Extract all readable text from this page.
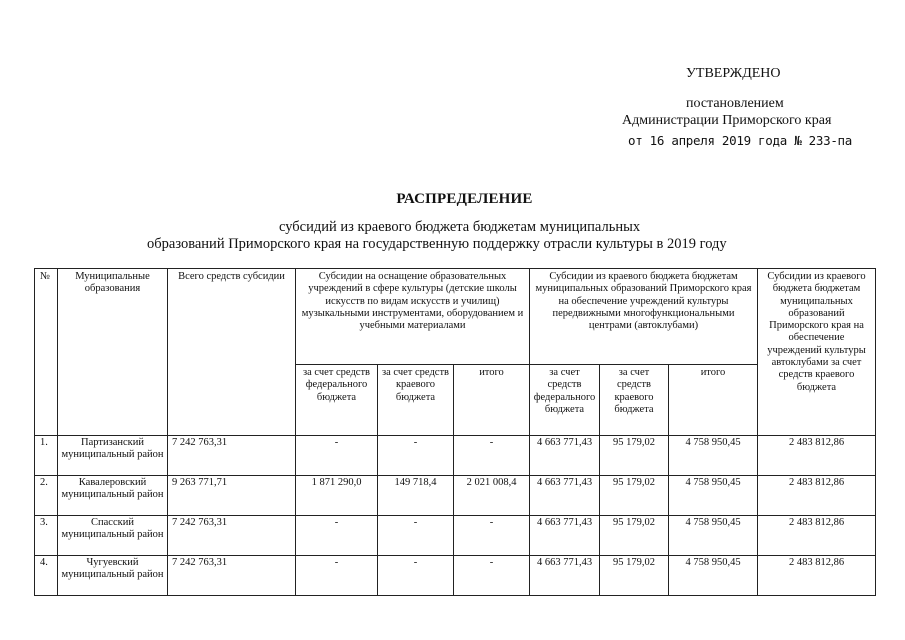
УТВЕРЖДЕНО
постановлением
Администрации Приморского края
от 16 апреля 2019 года № 233-па
РАСПРЕДЕЛЕНИЕ
субсидий из краевого бюджета бюджетам муниципальных
образований Приморского края на государственную поддержку отрасли культуры в 2019 году
№	Муниципальные образования	Всего средств субсидии	Субсидии на оснащение образовательных учреждений в сфере культуры (детские школы искусств по видам искусств и училищ) музыкальными инструментами, оборудованием и учебными материалами			Субсидии из краевого бюджета бюджетам муниципальных образований Приморского края на обеспечение учреждений культуры передвижными многофункциональными центрами (автоклубами)			Субсидии из краевого бюджета бюджетам муниципальных образований Приморского края на обеспечение учреждений культуры автоклубами за счет средств краевого бюджета
			за счет средств федерального бюджета	за счет средств краевого бюджета	итого	за счет средств федерального бюджета	за счет средств краевого бюджета	итого	
1.	Партизанский муниципальный район	7 242 763,31	-	-	-	4 663 771,43	95 179,02	4 758 950,45	2 483 812,86
2.	Кавалеровский муниципальный район	9 263 771,71	1 871 290,0	149 718,4	2 021 008,4	4 663 771,43	95 179,02	4 758 950,45	2 483 812,86
3.	Спасский муниципальный район	7 242 763,31	-	-	-	4 663 771,43	95 179,02	4 758 950,45	2 483 812,86
4.	Чугуевский муниципальный район	7 242 763,31	-	-	-	4 663 771,43	95 179,02	4 758 950,45	2 483 812,86
